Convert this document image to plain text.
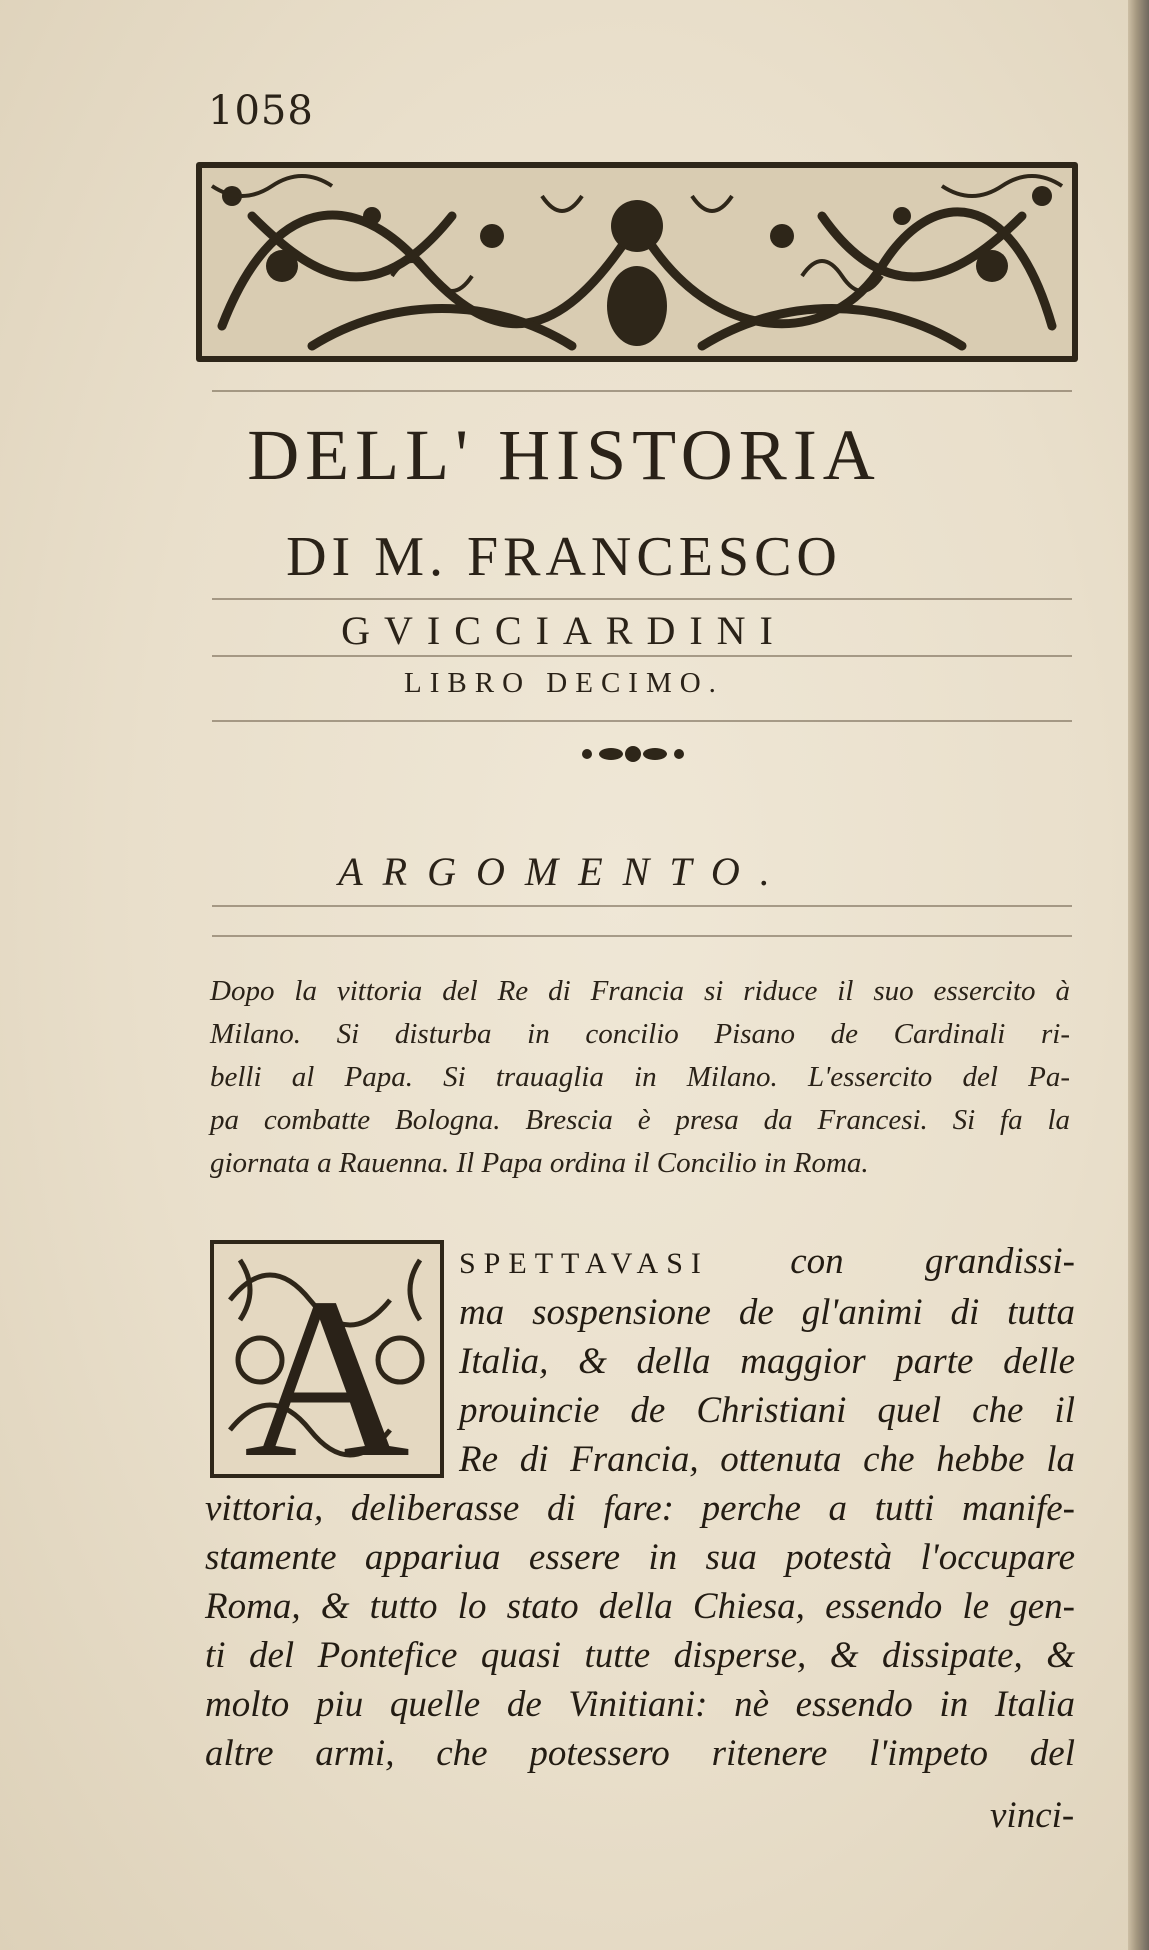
1058
DELL' HISTORIA
DI M. FRANCESCO
GVICCIARDINI
LIBRO DECIMO.
ARGOMENTO.
Dopo la vittoria del Re di Francia si riduce il suo essercito à
Milano. Si disturba in concilio Pisano de Cardinali ri-
belli al Papa. Si trauaglia in Milano. L'essercito del Pa-
pa combatte Bologna. Brescia è presa da Francesi. Si fa la
giornata a Rauenna. Il Papa ordina il Concilio in Roma.
A SPETTAVASI con grandissi-
ma sospensione de gl'animi di tutta
Italia, & della maggior parte delle
prouincie de Christiani quel che il
Re di Francia, ottenuta che hebbe la
vittoria, deliberasse di fare: perche a tutti manife-
stamente appariua essere in sua potestà l'occupare
Roma, & tutto lo stato della Chiesa, essendo le gen-
ti del Pontefice quasi tutte disperse, & dissipate, &
molto piu quelle de Vinitiani: nè essendo in Italia
altre armi, che potessero ritenere l'impeto del
vinci-
